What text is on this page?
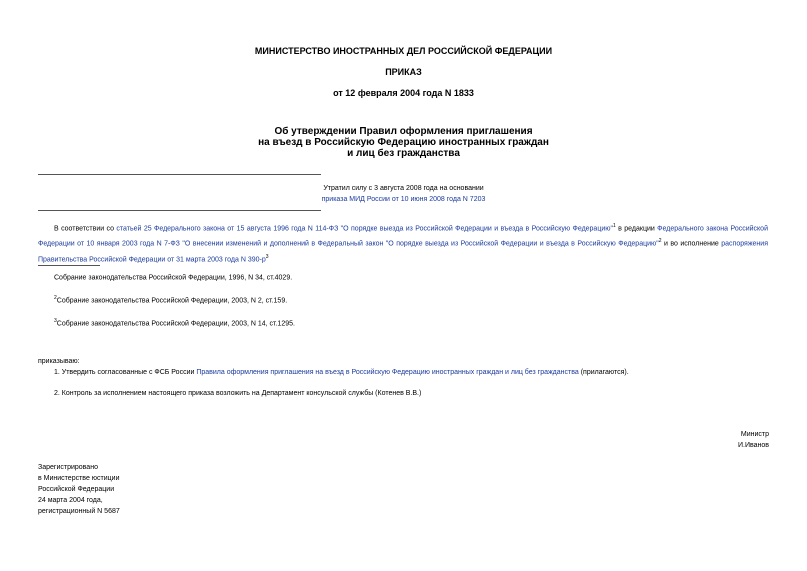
МИНИСТЕРСТВО ИНОСТРАННЫХ ДЕЛ РОССИЙСКОЙ ФЕДЕРАЦИИ
ПРИКАЗ
от 12 февраля 2004 года N 1833
Об утверждении Правил оформления приглашения
на въезд в Российскую Федерацию иностранных граждан
и лиц без гражданства
Утратил силу с 3 августа 2008 года на основании
приказа МИД России от 10 июня 2008 года N 7203
В соответствии со статьей 25 Федерального закона от 15 августа 1996 года N 114-ФЗ "О порядке выезда из Российской Федерации и въезда в Российскую Федерацию"$^1$ в редакции Федерального закона Российской Федерации от 10 января 2003 года N 7-ФЗ "О внесении изменений и дополнений в Федеральный закон "О порядке выезда из Российской Федерации и въезда в Российскую Федерацию"$^2$ и во исполнение распоряжения Правительства Российской Федерации от 31 марта 2003 года N $390-р^3$
Собрание законодательства Российской Федерации, 1996, N 34, ст.4029.
$^2$Собрание законодательства Российской Федерации, 2003, N 2, ст.159.
$^3$Собрание законодательства Российской Федерации, 2003, N 14, ст.1295.
приказываю:
1. Утвердить согласованные с ФСБ России Правила оформления приглашения на въезд в Российскую Федерацию иностранных граждан и лиц без гражданства (прилагаются).
2. Контроль за исполнением настоящего приказа возложить на Департамент консульской службы (Котенев В.В.)
Министр
И.Иванов
Зарегистрировано
в Министерстве юстиции
Российской Федерации
24 марта 2004 года,
регистрационный N 5687
